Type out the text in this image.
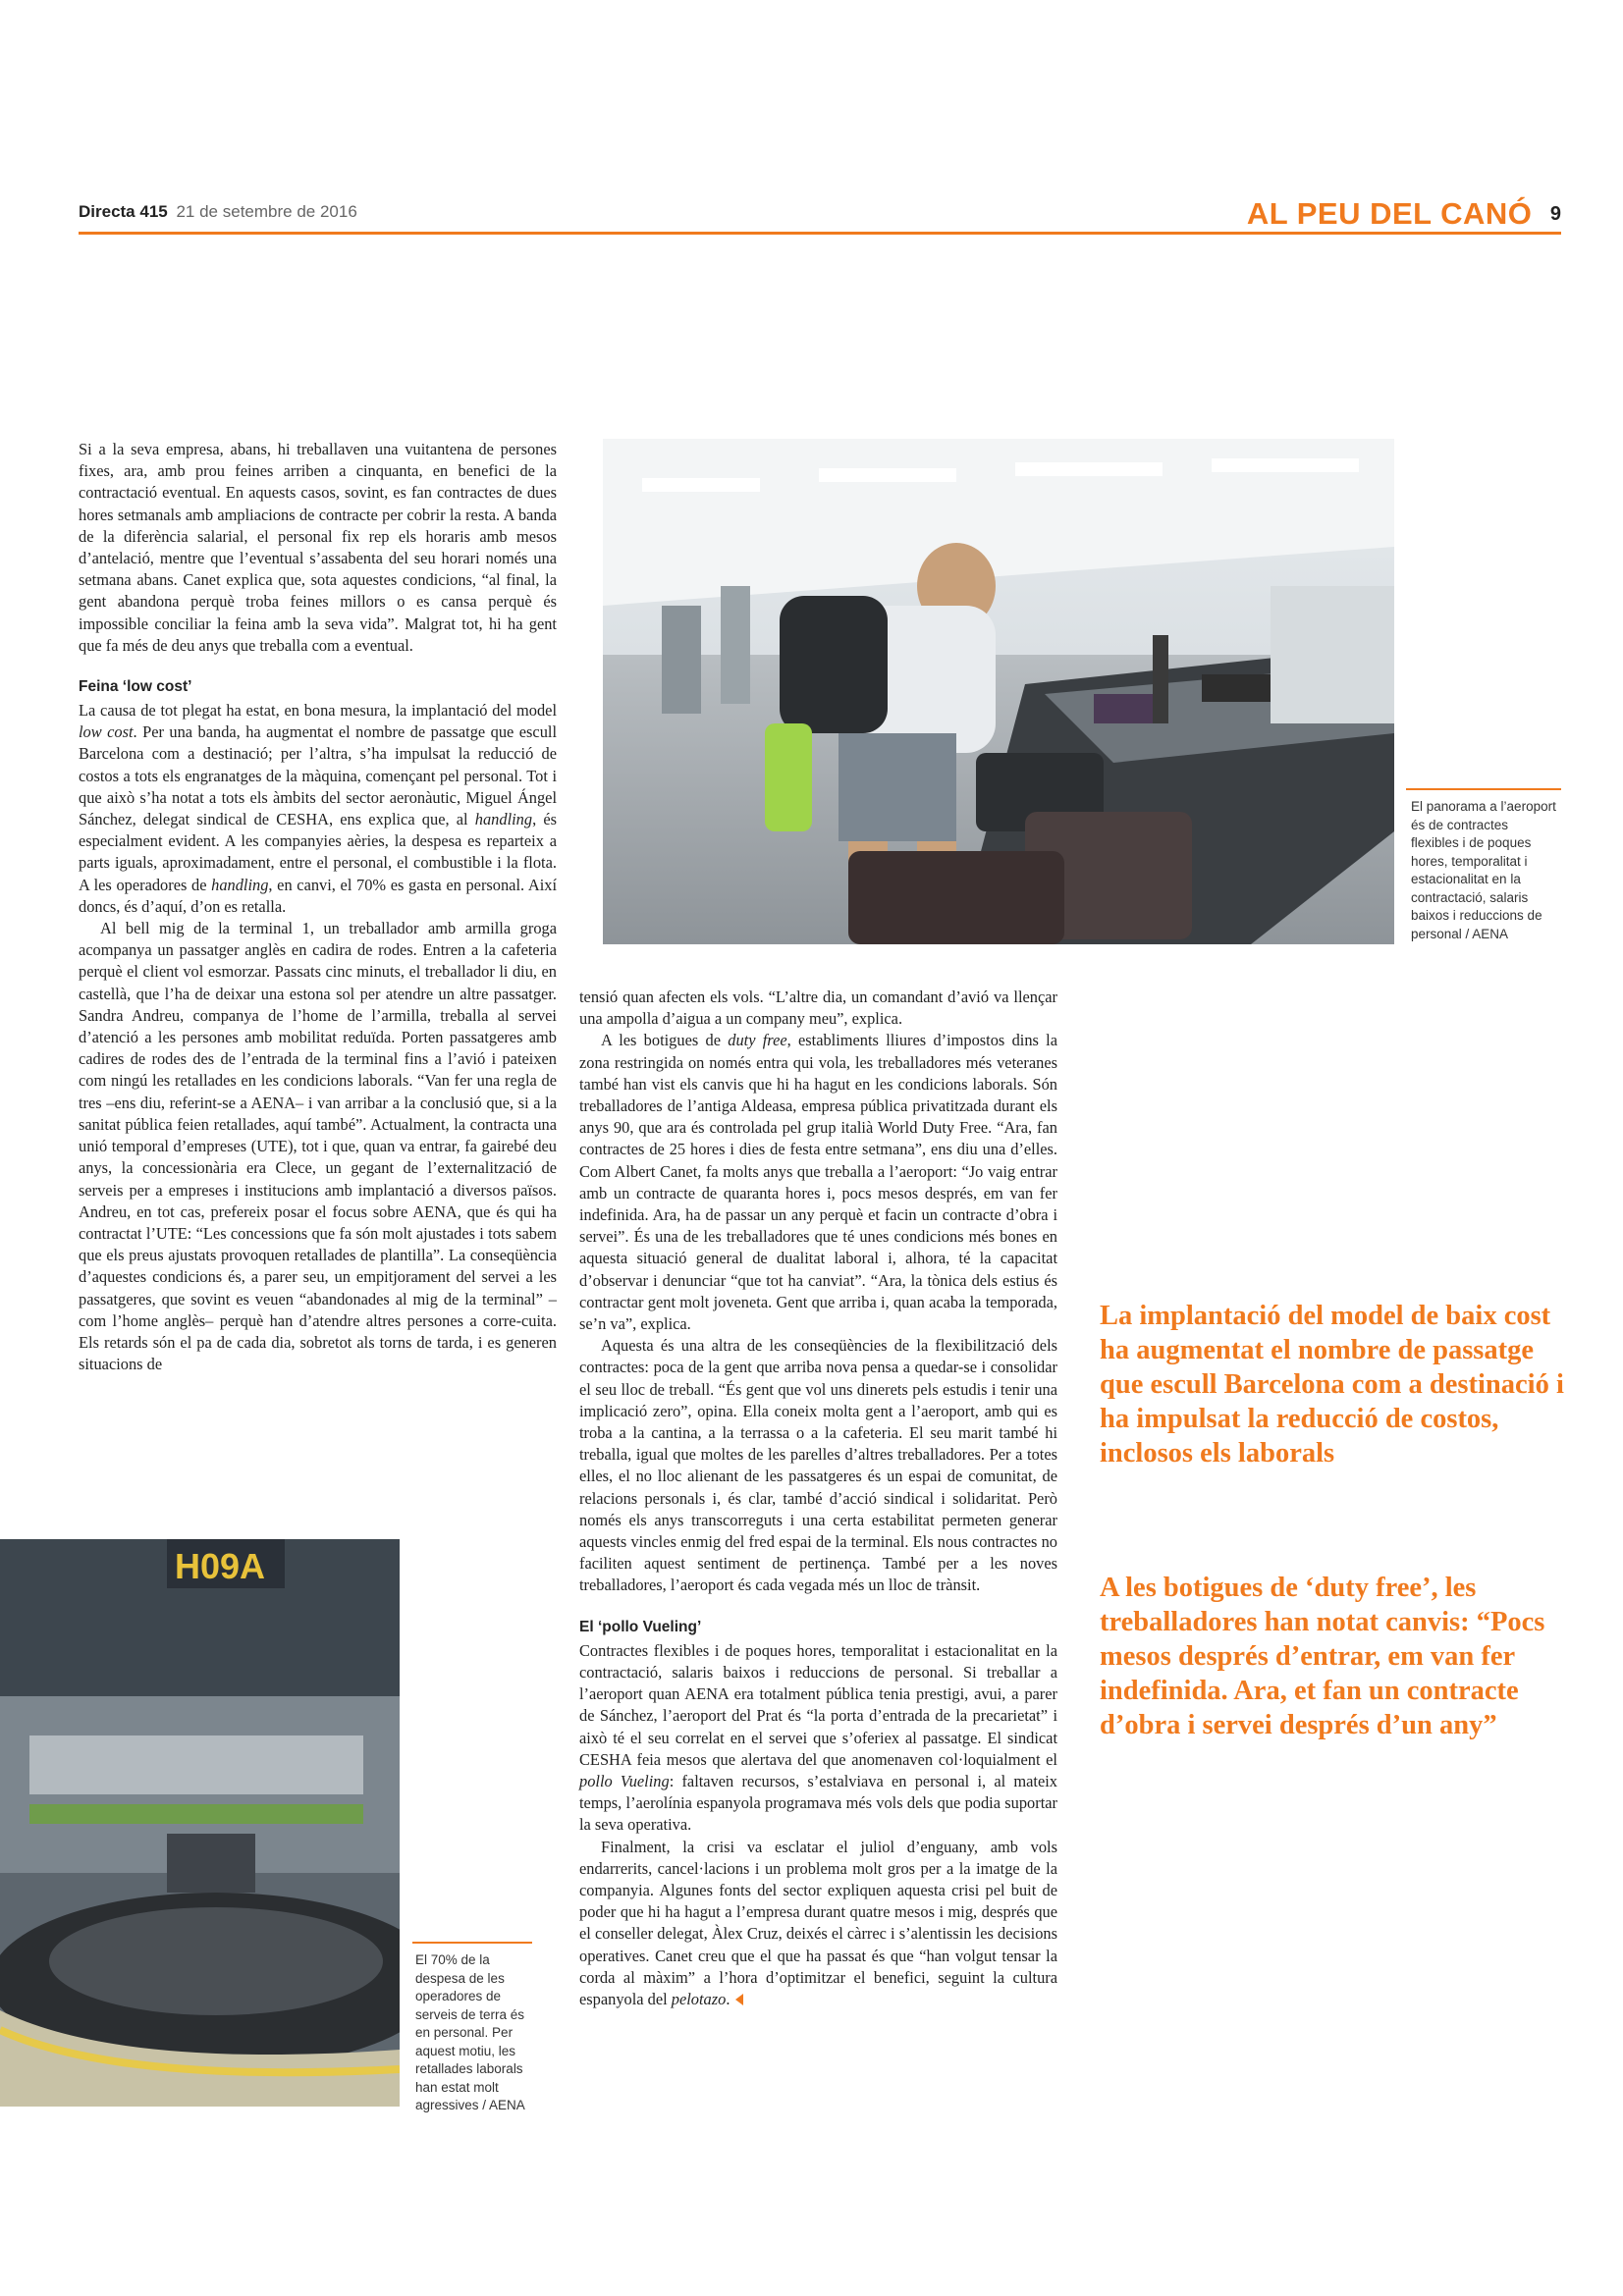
Directa 415 21 de setembre de 2016	AL PEU DEL CANÓ 9

Si a la seva empresa, abans, hi treballaven una vuitantena de persones fixes, ara, amb prou feines arriben a cinquanta, en benefici de la contractació eventual. En aquests casos, sovint, es fan contractes de dues hores setmanals amb ampliacions de contracte per cobrir la resta. A banda de la diferència salarial, el personal fix rep els horaris amb mesos d’antelació, mentre que l’eventual s’assabenta del seu horari només una setmana abans. Canet explica que, sota aquestes condicions, “al final, la gent abandona perquè troba feines millors o es cansa perquè és impossible conciliar la feina amb la seva vida”. Malgrat tot, hi ha gent que fa més de deu anys que treballa com a eventual.

Feina ‘low cost’

La causa de tot plegat ha estat, en bona mesura, la implantació del model low cost. Per una banda, ha augmentat el nombre de passatge que escull Barcelona com a destinació; per l’altra, s’ha impulsat la reducció de costos a tots els engranatges de la màquina, començant pel personal. Tot i que això s’ha notat a tots els àmbits del sector aeronàutic, Miguel Ángel Sánchez, delegat sindical de CESHA, ens explica que, al handling, és especialment evident. A les companyies aèries, la despesa es reparteix a parts iguals, aproximadament, entre el personal, el combustible i la flota. A les operadores de handling, en canvi, el 70% es gasta en personal. Així doncs, és d’aquí, d’on es retalla.

Al bell mig de la terminal 1, un treballador amb armilla groga acompanya un passatger anglès en cadira de rodes. Entren a la cafeteria perquè el client vol esmorzar. Passats cinc minuts, el treballador li diu, en castellà, que l’ha de deixar una estona sol per atendre un altre passatger. Sandra Andreu, companya de l’home de l’armilla, treballa al servei d’atenció a les persones amb mobilitat reduïda. Porten passatgeres amb cadires de rodes des de l’entrada de la terminal fins a l’avió i pateixen com ningú les retallades en les condicions laborals. “Van fer una regla de tres –ens diu, referint-se a AENA– i van arribar a la conclusió que, si a la sanitat pública feien retallades, aquí també”. Actualment, la contracta una unió temporal d’empreses (UTE), tot i que, quan va entrar, fa gairebé deu anys, la concessionària era Clece, un gegant de l’externalització de serveis per a empreses i institucions amb implantació a diversos països. Andreu, en tot cas, prefereix posar el focus sobre AENA, que és qui ha contractat l’UTE: “Les concessions que fa són molt ajustades i tots sabem que els preus ajustats provoquen retallades de plantilla”. La conseqüència d’aquestes condicions és, a parer seu, un empitjorament del servei a les passatgeres, que sovint es veuen “abandonades al mig de la terminal” –com l’home anglès– perquè han d’atendre altres persones a corre-cuita. Els retards són el pa de cada dia, sobretot als torns de tarda, i es generen situacions de

El panorama a l’aeroport és de contractes flexibles i de poques hores, temporalitat i estacionalitat en la contractació, salaris baixos i reduccions de personal / AENA

tensió quan afecten els vols. “L’altre dia, un comandant d’avió va llençar una ampolla d’aigua a un company meu”, explica.

A les botigues de duty free, establiments lliures d’impostos dins la zona restringida on només entra qui vola, les treballadores més veteranes també han vist els canvis que hi ha hagut en les condicions laborals. Són treballadores de l’antiga Aldeasa, empresa pública privatitzada durant els anys 90, que ara és controlada pel grup italià World Duty Free. “Ara, fan contractes de 25 hores i dies de festa entre setmana”, ens diu una d’elles. Com Albert Canet, fa molts anys que treballa a l’aeroport: “Jo vaig entrar amb un contracte de quaranta hores i, pocs mesos després, em van fer indefinida. Ara, ha de passar un any perquè et facin un contracte d’obra i servei”. És una de les treballadores que té unes condicions més bones en aquesta situació general de dualitat laboral i, alhora, té la capacitat d’observar i denunciar “que tot ha canviat”. “Ara, la tònica dels estius és contractar gent molt joveneta. Gent que arriba i, quan acaba la temporada, se’n va”, explica.

Aquesta és una altra de les conseqüències de la flexibilització dels contractes: poca de la gent que arriba nova pensa a quedar-se i consolidar el seu lloc de treball. “És gent que vol uns dinerets pels estudis i tenir una implicació zero”, opina. Ella coneix molta gent a l’aeroport, amb qui es troba a la cantina, a la terrassa o a la cafeteria. El seu marit també hi treballa, igual que moltes de les parelles d’altres treballadores. Per a totes elles, el no lloc alienant de les passatgeres és un espai de comunitat, de relacions personals i, és clar, també d’acció sindical i solidaritat. Però només els anys transcorreguts i una certa estabilitat permeten generar aquests vincles enmig del fred espai de la terminal. Els nous contractes no faciliten aquest sentiment de pertinença. També per a les noves treballadores, l’aeroport és cada vegada més un lloc de trànsit.

El ‘pollo Vueling’

Contractes flexibles i de poques hores, temporalitat i estacionalitat en la contractació, salaris baixos i reduccions de personal. Si treballar a l’aeroport quan AENA era totalment pública tenia prestigi, avui, a parer de Sánchez, l’aeroport del Prat és “la porta d’entrada de la precarietat” i això té el seu correlat en el servei que s’oferiex al passatge. El sindicat CESHA feia mesos que alertava del que anomenaven col·loquialment el pollo Vueling: faltaven recursos, s’estalviava en personal i, al mateix temps, l’aerolínia espanyola programava més vols dels que podia suportar la seva operativa.

Finalment, la crisi va esclatar el juliol d’enguany, amb vols endarrerits, cancel·lacions i un problema molt gros per a la imatge de la companyia. Algunes fonts del sector expliquen aquesta crisi pel buit de poder que hi ha hagut a l’empresa durant quatre mesos i mig, després que el conseller delegat, Àlex Cruz, deixés el càrrec i s’alentissin les decisions operatives. Canet creu que el que ha passat és que “han volgut tensar la corda al màxim” a l’hora d’optimitzar el benefici, seguint la cultura espanyola del pelotazo.

H09A
El 70% de la despesa de les operadores de serveis de terra és en personal. Per aquest motiu, les retallades laborals han estat molt agressives / AENA
La implantació del model de baix cost ha augmentat el nombre de passatge que escull Barcelona com a destinació i ha impulsat la reducció de costos, inclosos els laborals
A les botigues de ‘duty free’, les treballadores han notat canvis: “Pocs mesos després d’entrar, em van fer indefinida. Ara, et fan un contracte d’obra i servei després d’un any”
